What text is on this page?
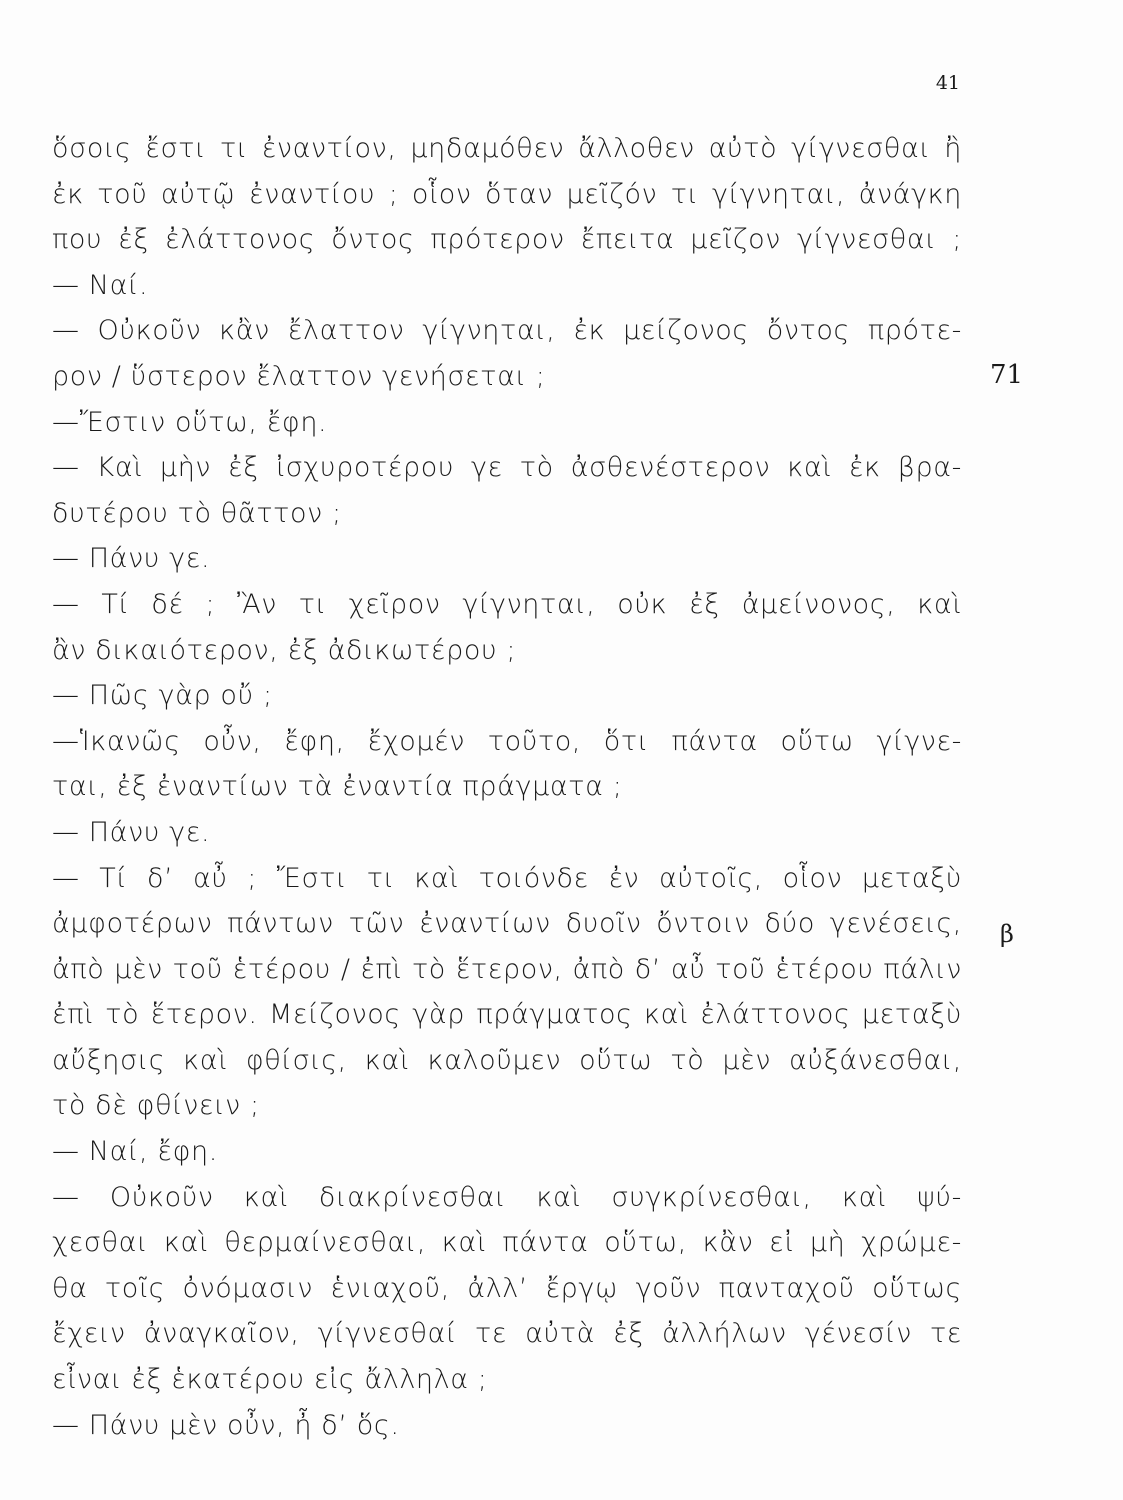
41
ὅσοις ἔστι τι ἐναντίον, μηδαμόθεν ἄλλοθεν αὐτὸ γίγνεσθαι ἢ
ἐκ τοῦ αὐτῷ ἐναντίου ; οἷον ὅταν μεῖζόν τι γίγνηται, ἀνάγκη
που ἐξ ἐλάττονος ὄντος πρότερον ἔπειτα μεῖζον γίγνεσθαι ;
— Ναί.
— Οὐκοῦν κἂν ἔλαττον γίγνηται, ἐκ μείζονος ὄντος πρότε-
ρον / ὕστερον ἔλαττον γενήσεται ;
—Ἔστιν οὕτω, ἔφη.
— Καὶ μὴν ἐξ ἰσχυροτέρου γε τὸ ἀσθενέστερον καὶ ἐκ βρα-
δυτέρου τὸ θᾶττον ;
— Πάνυ γε.
— Τί δέ ; Ἂν τι χεῖρον γίγνηται, οὐκ ἐξ ἀμείνονος, καὶ
ἂν δικαιότερον, ἐξ ἀδικωτέρου ;
— Πῶς γὰρ οὔ ;
—Ἱκανῶς οὖν, ἔφη, ἔχομέν τοῦτο, ὅτι πάντα οὕτω γίγνε-
ται, ἐξ ἐναντίων τὰ ἐναντία πράγματα ;
— Πάνυ γε.
— Τί δ’ αὖ ; Ἔστι τι καὶ τοιόνδε ἐν αὐτοῖς, οἷον μεταξὺ
ἀμφοτέρων πάντων τῶν ἐναντίων δυοῖν ὄντοιν δύο γενέσεις,
ἀπὸ μὲν τοῦ ἑτέρου / ἐπὶ τὸ ἕτερον, ἀπὸ δ’ αὖ τοῦ ἑτέρου πάλιν
ἐπὶ τὸ ἕτερον. Μείζονος γὰρ πράγματος καὶ ἐλάττονος μεταξὺ
αὔξησις καὶ φθίσις, καὶ καλοῦμεν οὕτω τὸ μὲν αὐξάνεσθαι,
τὸ δὲ φθίνειν ;
— Ναί, ἔφη.
— Οὐκοῦν καὶ διακρίνεσθαι καὶ συγκρίνεσθαι, καὶ ψύ-
χεσθαι καὶ θερμαίνεσθαι, καὶ πάντα οὕτω, κἂν εἰ μὴ χρώμε-
θα τοῖς ὀνόμασιν ἑνιαχοῦ, ἀλλ’ ἔργῳ γοῦν πανταχοῦ οὕτως
ἔχειν ἀναγκαῖον, γίγνεσθαί τε αὐτὰ ἐξ ἀλλήλων γένεσίν τε
εἶναι ἐξ ἑκατέρου εἰς ἄλληλα ;
— Πάνυ μὲν οὖν, ἦ δ’ ὅς.
71
β
